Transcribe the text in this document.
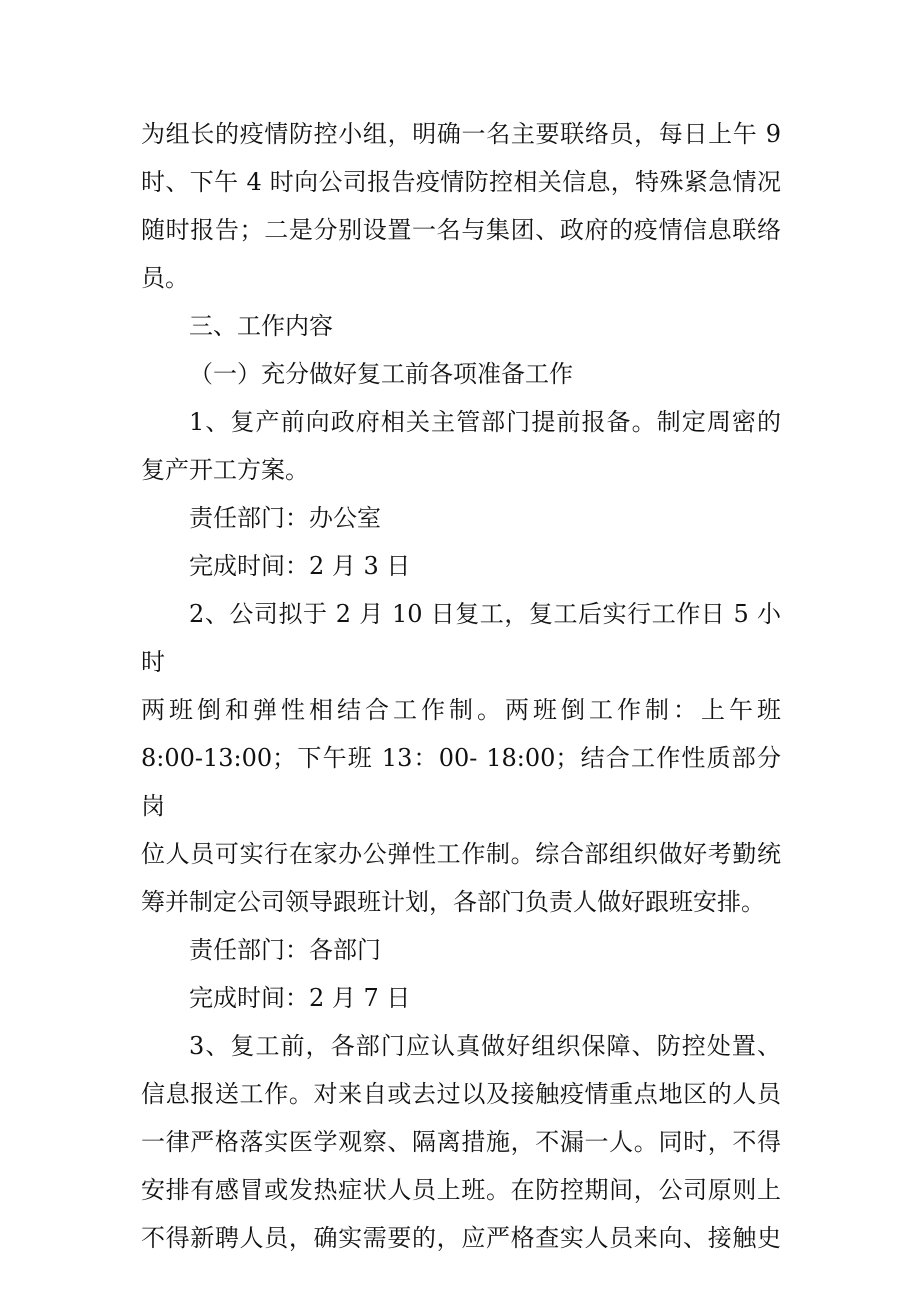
为组长的疫情防控小组，明确一名主要联络员，每日上午 9
时、下午 4 时向公司报告疫情防控相关信息，特殊紧急情况
随时报告；二是分别设置一名与集团、政府的疫情信息联络
员。
三、工作内容
（一）充分做好复工前各项准备工作
1、复产前向政府相关主管部门提前报备。制定周密的
复产开工方案。
责任部门：办公室
完成时间：2 月 3 日
2、公司拟于 2 月 10 日复工，复工后实行工作日 5 小时
两班倒和弹性相结合工作制。两班倒工作制：上午班
8:00-13:00；下午班 13：00- 18:00；结合工作性质部分岗
位人员可实行在家办公弹性工作制。综合部组织做好考勤统
筹并制定公司领导跟班计划，各部门负责人做好跟班安排。
责任部门：各部门
完成时间：2 月 7 日
3、复工前，各部门应认真做好组织保障、防控处置、
信息报送工作。对来自或去过以及接触疫情重点地区的人员
一律严格落实医学观察、隔离措施，不漏一人。同时，不得
安排有感冒或发热症状人员上班。在防控期间，公司原则上
不得新聘人员，确实需要的，应严格查实人员来向、接触史
